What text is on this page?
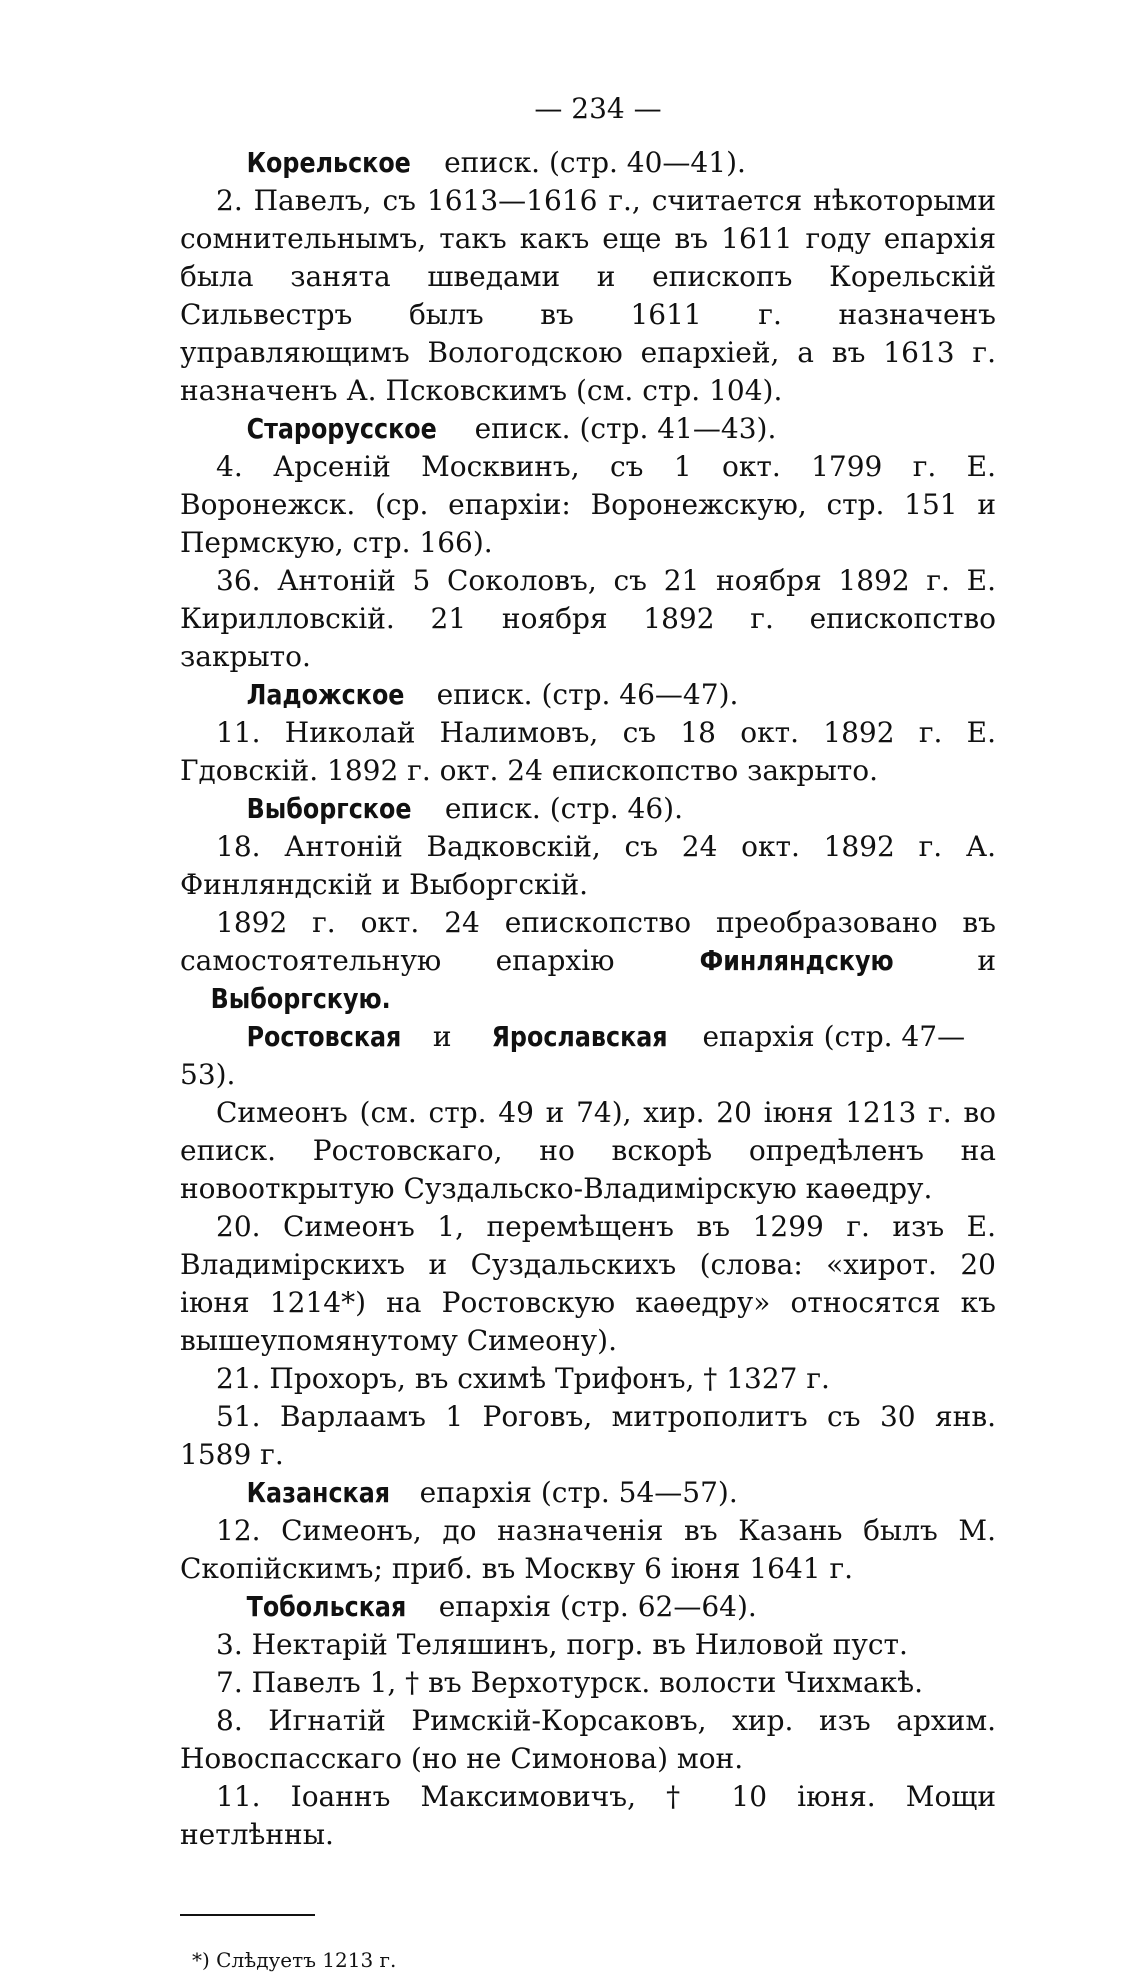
— 234 —

Корельское еписк. (стр. 40—41).

2. Павелъ, съ 1613—1616 г., считается нѣкоторыми сомнительнымъ, такъ какъ еще въ 1611 году епархія была занята шведами и епископъ Корельскій Сильвестръ былъ въ 1611 г. назначенъ управляющимъ Вологодскою епархіей, а въ 1613 г. назначенъ А. Псковскимъ (см. стр. 104).

Старорусское еписк. (стр. 41—43).

4. Арсеній Москвинъ, съ 1 окт. 1799 г. Е. Воронежск. (ср. епархіи: Воронежскую, стр. 151 и Пермскую, стр. 166).

36. Антоній 5 Соколовъ, съ 21 ноября 1892 г. Е. Кирилловскій. 21 ноября 1892 г. епископство закрыто.

Ладожское еписк. (стр. 46—47).

11. Николай Налимовъ, съ 18 окт. 1892 г. Е. Гдовскій. 1892 г. окт. 24 епископство закрыто.

Выборгское еписк. (стр. 46).

18. Антоній Вадковскій, съ 24 окт. 1892 г. А. Финляндскій и Выборгскій.

1892 г. окт. 24 епископство преобразовано въ самостоятельную епархію	Финляндскую	и Выборгскую.

Ростовская и Ярославская епархія (стр. 47—53).

Симеонъ (см. стр. 49 и 74), хир. 20 іюня 1213 г. во еписк. Ростовскаго, но вскорѣ опредѣленъ на новооткрытую Суздальско-Владимірскую каѳедру.

20. Симеонъ 1, перемѣщенъ въ 1299 г. изъ Е. Владимірскихъ и Суздальскихъ (слова: «хирот. 20 іюня 1214*) на Ростовскую каѳедру» относятся къ вышеупомянутому Симеону).

21. Прохоръ, въ схимѣ Трифонъ, † 1327 г.

51. Варлаамъ 1 Роговъ, митрополитъ съ 30 янв. 1589 г.

Казанская епархія (стр. 54—57).

12. Симеонъ, до назначенія въ Казань былъ М. Скопійскимъ; приб. въ Москву 6 іюня 1641 г.

Тобольская епархія (стр. 62—64).

3. Нектарій Теляшинъ, погр. въ Ниловой пуст.

7. Павелъ 1, † въ Верхотурск. волости Чихмакѣ.

8. Игнатій Римскій-Корсаковъ, хир. изъ архим. Новоспасскаго (но не Симонова) мон.

11. Іоаннъ Максимовичъ, † 10 іюня. Мощи нетлѣнны.

*) Слѣдуетъ 1213 г.
